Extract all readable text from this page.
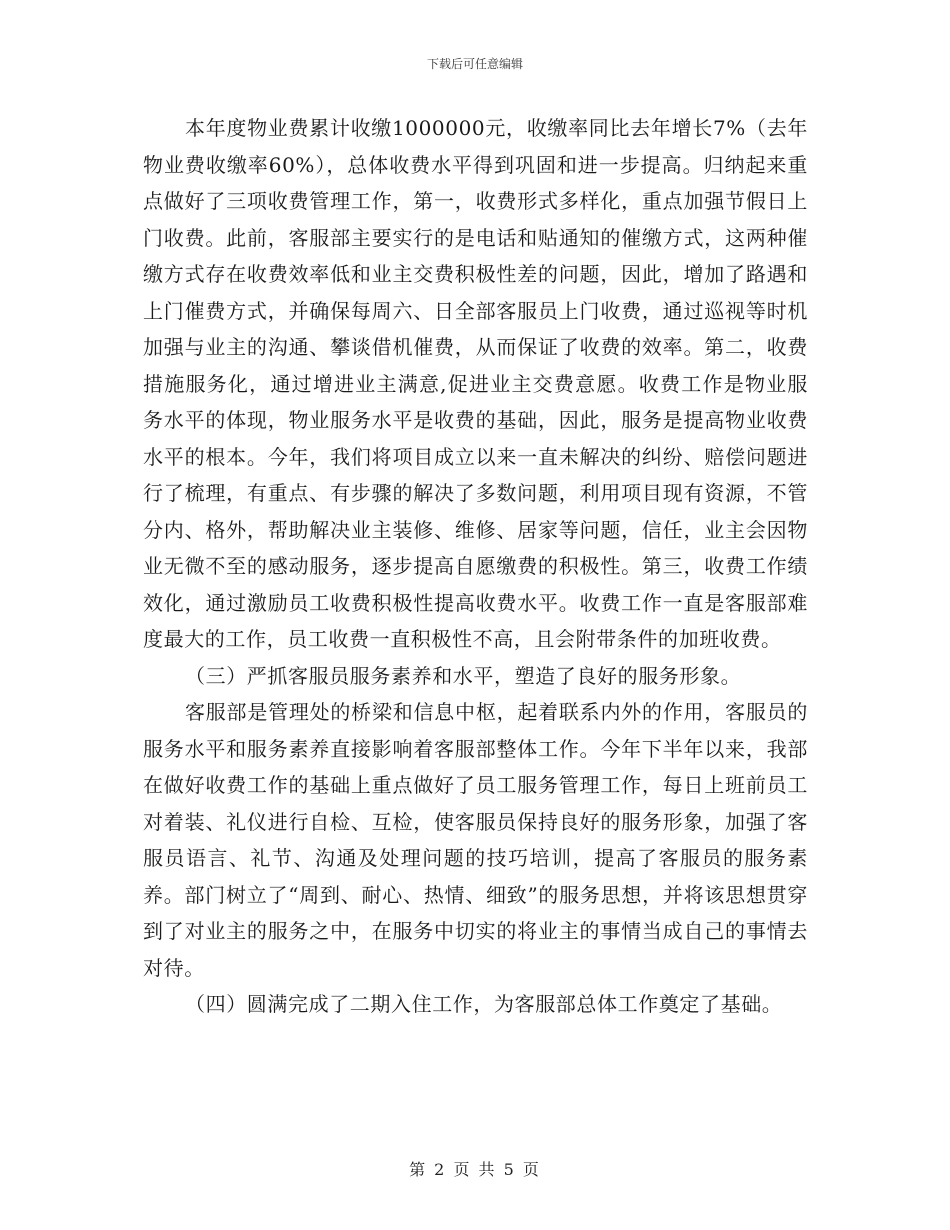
下载后可任意编辑

本年度物业费累计收缴1000000元，收缴率同比去年增长7%（去年物业费收缴率60%），总体收费水平得到巩固和进一步提高。归纳起来重点做好了三项收费管理工作，第一，收费形式多样化，重点加强节假日上门收费。此前，客服部主要实行的是电话和贴通知的催缴方式，这两种催缴方式存在收费效率低和业主交费积极性差的问题，因此，增加了路遇和上门催费方式，并确保每周六、日全部客服员上门收费，通过巡视等时机加强与业主的沟通、攀谈借机催费，从而保证了收费的效率。第二，收费措施服务化，通过增进业主满意,促进业主交费意愿。收费工作是物业服务水平的体现，物业服务水平是收费的基础，因此，服务是提高物业收费水平的根本。今年，我们将项目成立以来一直未解决的纠纷、赔偿问题进行了梳理，有重点、有步骤的解决了多数问题，利用项目现有资源，不管分内、格外，帮助解决业主装修、维修、居家等问题，信任，业主会因物业无微不至的感动服务，逐步提高自愿缴费的积极性。第三，收费工作绩效化，通过激励员工收费积极性提高收费水平。收费工作一直是客服部难度最大的工作，员工收费一直积极性不高，且会附带条件的加班收费。

（三）严抓客服员服务素养和水平，塑造了良好的服务形象。

客服部是管理处的桥梁和信息中枢，起着联系内外的作用，客服员的服务水平和服务素养直接影响着客服部整体工作。今年下半年以来，我部在做好收费工作的基础上重点做好了员工服务管理工作，每日上班前员工对着装、礼仪进行自检、互检，使客服员保持良好的服务形象，加强了客服员语言、礼节、沟通及处理问题的技巧培训，提高了客服员的服务素养。部门树立了“周到、耐心、热情、细致”的服务思想，并将该思想贯穿到了对业主的服务之中，在服务中切实的将业主的事情当成自己的事情去对待。

（四）圆满完成了二期入住工作，为客服部总体工作奠定了基础。

第 2 页 共 5 页
